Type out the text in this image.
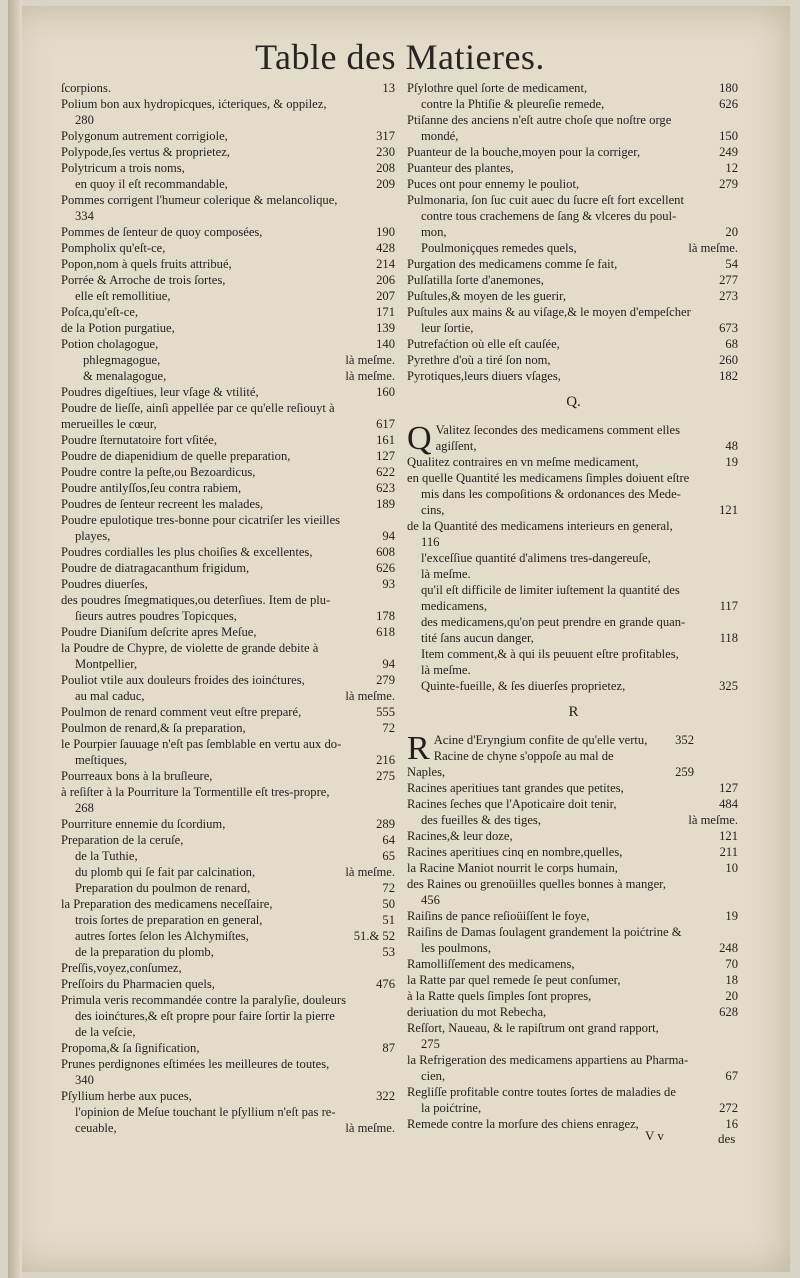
Table des Matieres.
ſcorpions.	13
Polium bon aux hydropicques, ićteriques, & oppilez,
280
Polygonum autrement corrigiole,	317
Polypode,ſes vertus & proprietez,	230
Polytricum a trois noms,	208
en quoy il eſt recommandable,	209
Pommes corrigent l'humeur colerique & melancolique,
334
Pommes de ſenteur de quoy composées,	190
Pompholix qu'eſt-ce,	428
Popon,nom à quels fruits attribué,	214
Porrée & Arroche de trois ſortes,	206
elle eſt remollitiue,	207
Poſca,qu'eſt-ce,	171
de la Potion purgatiue,	139
Potion cholagogue,	140
phlegmagogue,	là meſme.
& menalagogue,	là meſme.
Poudres digeſtiues, leur vſage & vtilité,	160
Poudre de lieſſe, ainſi appellée par ce qu'elle reſiouyt à
merueilles le cœur,	617
Poudre ſternutatoire fort vſitée,	161
Poudre de diapenidium de quelle preparation,	127
Poudre contre la peſte,ou Bezoardicus,	622
Poudre antilyſſos,ſeu contra rabiem,	623
Poudres de ſenteur recreent les malades,	189
Poudre epulotique tres-bonne pour cicatriſer les vieilles
playes,	94
Poudres cordialles les plus choiſies & excellentes,	608
Poudre de diatragacanthum frigidum,	626
Poudres diuerſes,	93
des poudres ſmegmatiques,ou deterſiues. Item de plu-
ſieurs autres poudres Topicques,	178
Poudre Dianiſum deſcrite apres Meſue,	618
la Poudre de Chypre, de violette de grande debite à
Montpellier,	94
Pouliot vtile aux douleurs froides des ioinćtures,	279
au mal caduc,	là meſme.
Poulmon de renard comment veut eſtre preparé,	555
Poulmon de renard,& ſa preparation,	72
le Pourpier ſauuage n'eſt pas ſemblable en vertu aux do-
meſtiques,	216
Pourreaux bons à la bruſleure,	275
à reſiſter à la Pourriture la Tormentille eſt tres-propre,
268
Pourriture ennemie du ſcordium,	289
Preparation de la ceruſe,	64
de la Tuthie,	65
du plomb qui ſe fait par calcination,	là meſme.
Preparation du poulmon de renard,	72
la Preparation des medicamens neceſſaire,	50
trois ſortes de preparation en general,	51
autres ſortes ſelon les Alchymiſtes,	51.& 52
de la preparation du plomb,	53
Preſſis,voyez,conſumez,
Preſſoirs du Pharmacien quels,	476
Primula veris recommandée contre la paralyſie, douleurs
des ioinćtures,& eſt propre pour faire ſortir la pierre
de la veſcie,
Propoma,& ſa ſignification,	87
Prunes perdignones eſtimées les meilleures de toutes,
340
Pſyllium herbe aux puces,	322
l'opinion de Meſue touchant le pſyllium n'eſt pas re-
ceuable,	là meſme.
Pſylothre quel ſorte de medicament,	180
contre la Phtiſie & pleureſie remede,	626
Ptiſanne des anciens n'eſt autre choſe que noſtre orge
mondé,	150
Puanteur de la bouche,moyen pour la corriger,	249
Puanteur des plantes,	12
Puces ont pour ennemy le pouliot,	279
Pulmonaria, ſon ſuc cuit auec du ſucre eſt fort excellent
contre tous crachemens de ſang & vlceres du poul-
mon,	20
Poulmoniçques remedes quels,	là meſme.
Purgation des medicamens comme ſe fait,	54
Pulſatilla ſorte d'anemones,	277
Puſtules,& moyen de les guerir,	273
Puſtules aux mains & au viſage,& le moyen d'empeſcher
leur ſortie,	673
Putrefaćtion où elle eſt cauſée,	68
Pyrethre d'où a tiré ſon nom,	260
Pyrotiques,leurs diuers vſages,	182
Q.
Q Valitez ſecondes des medicamens comment elles
agiſſent,	48
Qualitez contraires en vn meſme medicament,	19
en quelle Quantité les medicamens ſimples doiuent eſtre
mis dans les compoſitions & ordonances des Mede-
cins,	121
de la Quantité des medicamens interieurs en general,
116
l'exceſſiue quantité d'alimens tres-dangereuſe,
là meſme.
qu'il eſt difficile de limiter iuſtement la quantité des
medicamens,	117
des medicamens,qu'on peut prendre en grande quan-
tité ſans aucun danger,	118
Item comment,& à qui ils peuuent eſtre profitables,
là meſme.
Quinte-fueille, & ſes diuerſes proprietez,	325
R
R Acine d'Eryngium confite de qu'elle vertu, 352
Racine de chyne s'oppoſe au mal de Naples,	259
Racines aperitiues tant grandes que petites,	127
Racines ſeches que l'Apoticaire doit tenir,	484
des fueilles & des tiges,	là meſme.
Racines,& leur doze,	121
Racines aperitiues cinq en nombre,quelles,	211
la Racine Maniot nourrit le corps humain,	10
des Raines ou grenoüilles quelles bonnes à manger,
456
Raiſins de pance reſioüiſſent le foye,	19
Raiſins de Damas ſoulagent grandement la poićtrine &
les poulmons,	248
Ramolliſſement des medicamens,	70
la Ratte par quel remede ſe peut conſumer,	18
à la Ratte quels ſimples ſont propres,	20
deriuation du mot Rebecha,	628
Reſſort, Naueau, & le rapiſtrum ont grand rapport,
275
la Refrigeration des medicamens appartiens au Pharma-
cien,	67
Regliſſe profitable contre toutes ſortes de maladies de
la poićtrine,	272
Remede contre la morſure des chiens enragez,	16
V v	des
